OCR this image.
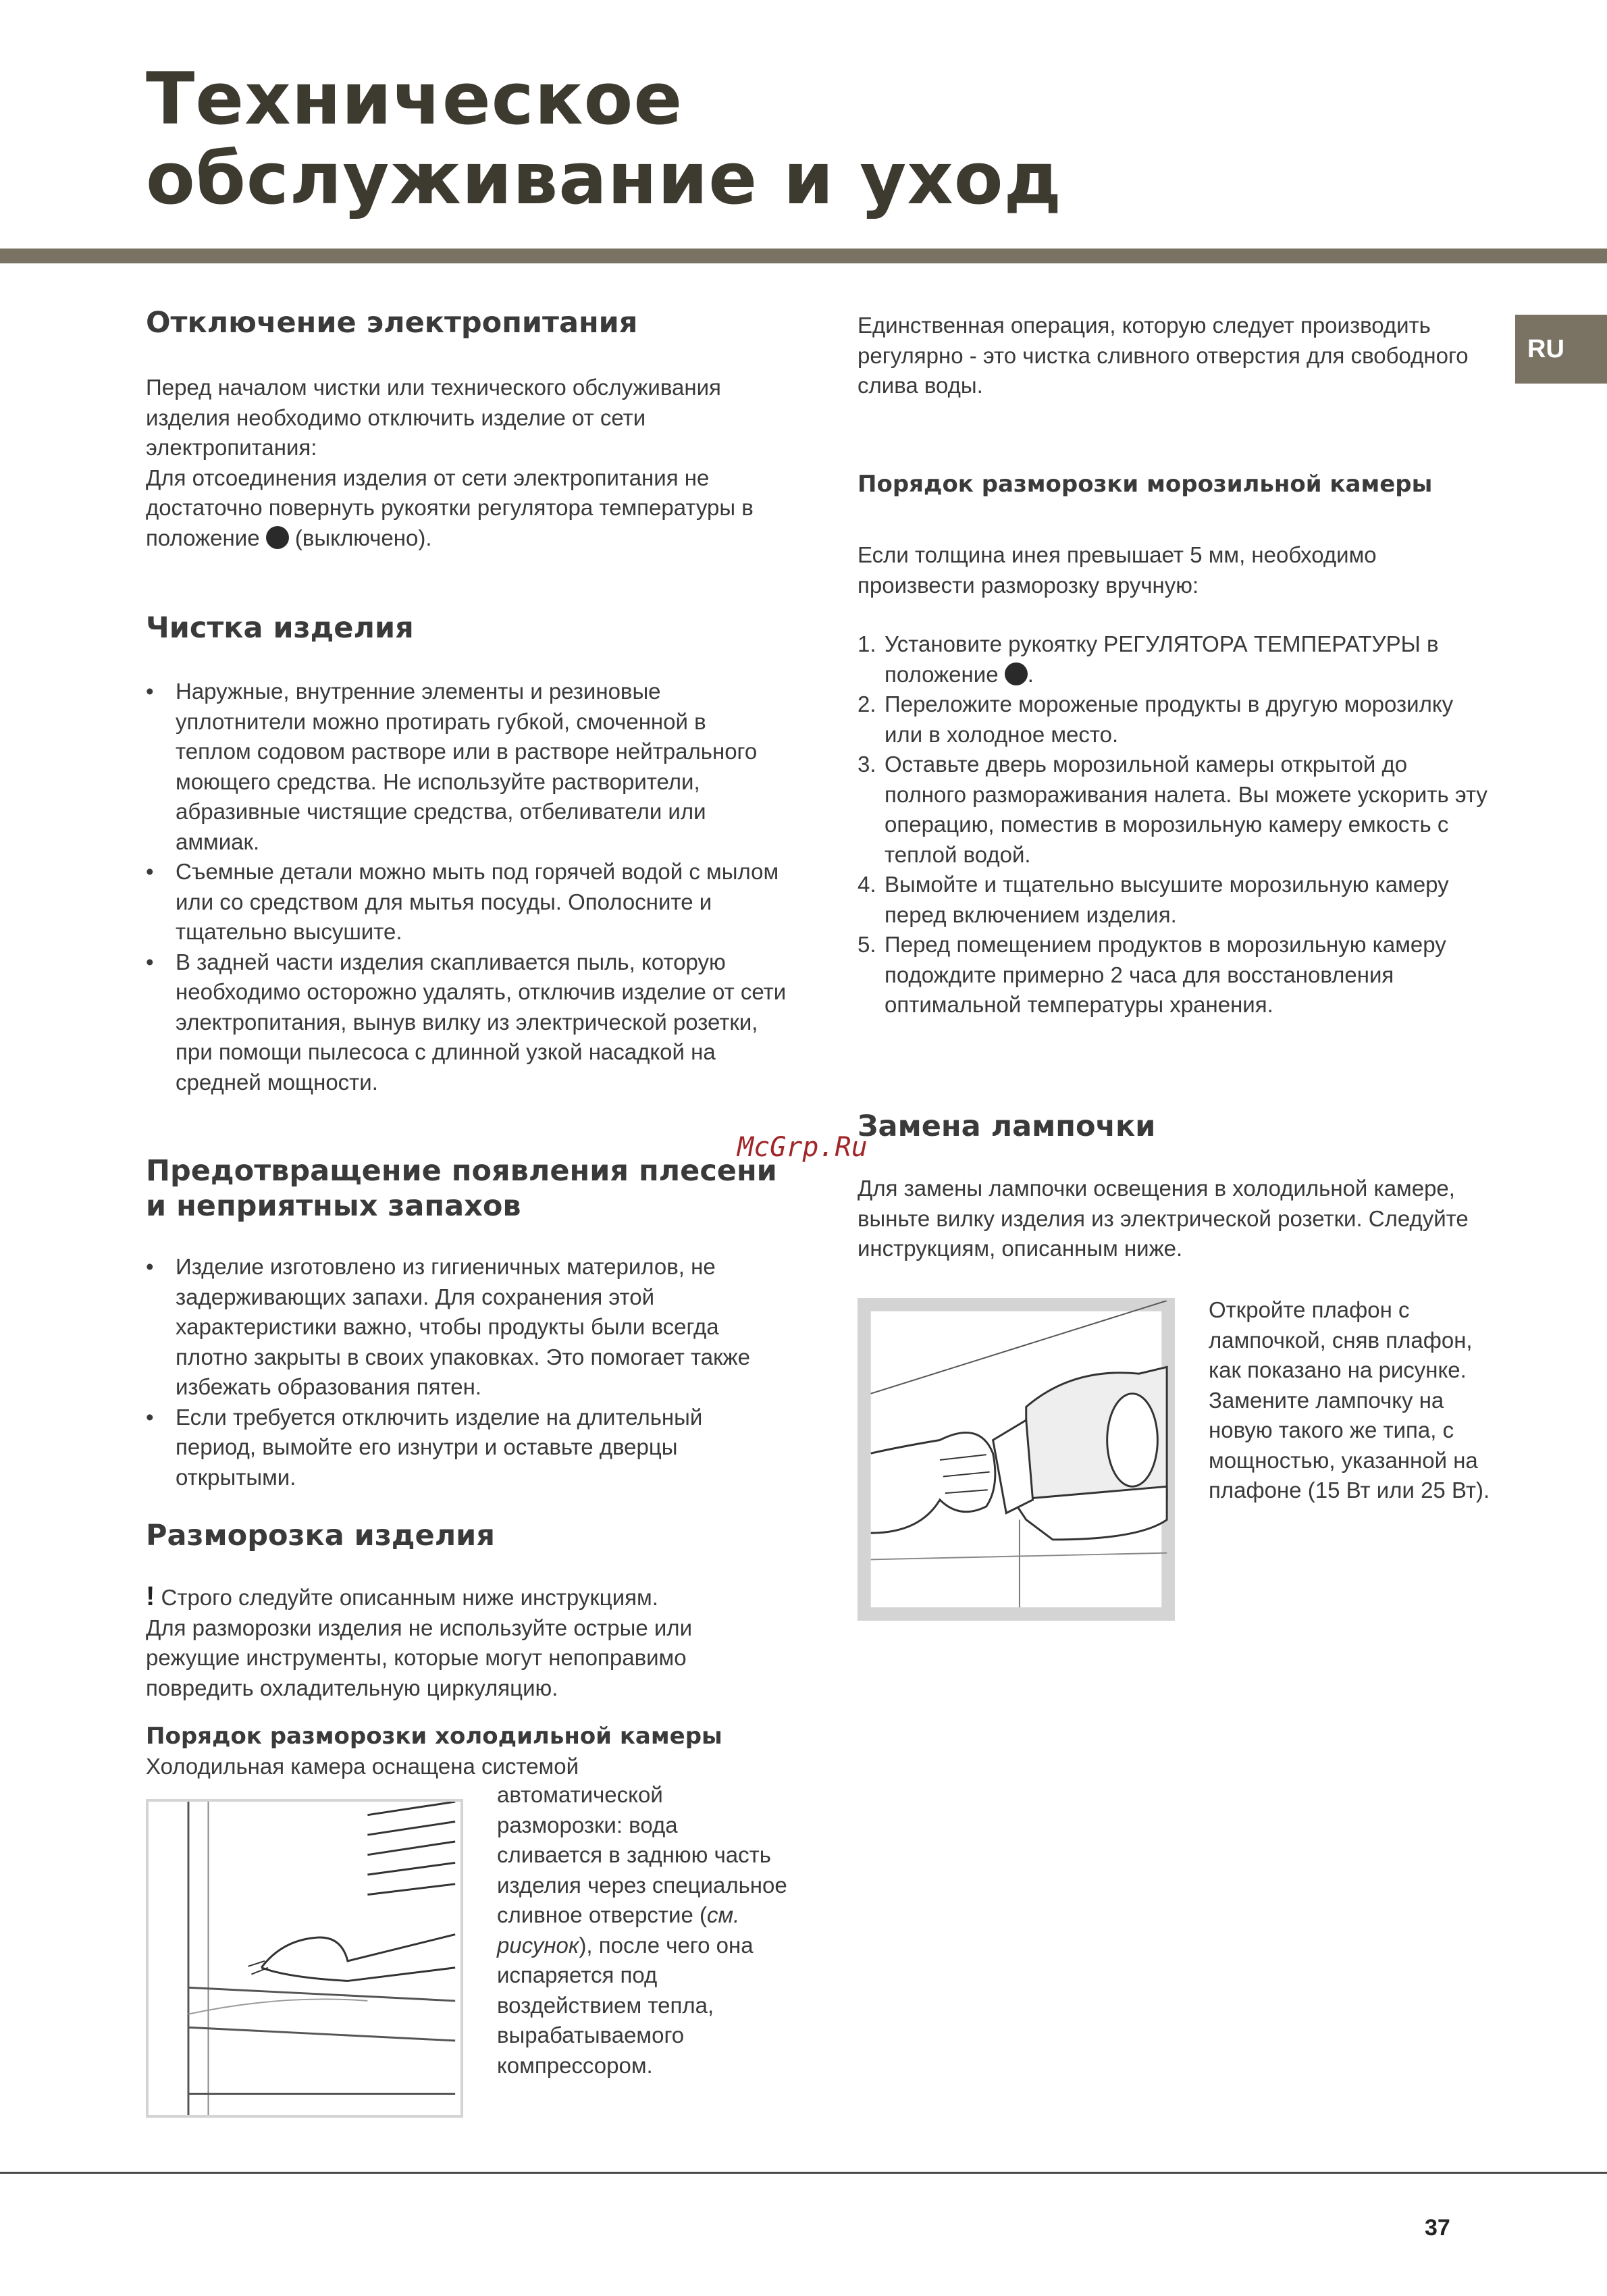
Техническое
обслуживание и уход
RU
Отключение электропитания

Перед началом чистки или технического обслуживания изделия необходимо отключить изделие от сети электропитания:

Для отсоединения изделия от сети электропитания не достаточно повернуть рукоятки регулятора температуры в положение (выключено).

Чистка изделия
• Наружные, внутренние элементы и резиновые уплотнители можно протирать губкой, смоченной в теплом содовом растворе или в растворе нейтрального моющего средства. Не используйте растворители, абразивные чистящие средства, отбеливатели или аммиак.
• Съемные детали можно мыть под горячей водой с мылом или со средством для мытья посуды. Ополосните и тщательно высушите.
• В задней части изделия скапливается пыль, которую необходимо осторожно удалять, отключив изделие от сети электропитания, вынув вилку из электрической розетки, при помощи пылесоса с длинной узкой насадкой на средней мощности.
Предотвращение появления плесени
и неприятных запахов
• Изделие изготовлено из гигиеничных материлов, не задерживающих запахи. Для сохранения этой характеристики важно, чтобы продукты были всегда плотно закрыты в своих упаковках. Это помогает также избежать образования пятен.
• Если требуется отключить изделие на длительный период, вымойте его изнутри и оставьте дверцы открытыми.
Разморозка изделия

! Строго следуйте описанным ниже инструкциям.

Для разморозки изделия не используйте острые или режущие инструменты, которые могут непоправимо повредить охладительную циркуляцию.

Порядок разморозки холодильной камеры

Холодильная камера оснащена системой

автоматической разморозки: вода сливается в заднюю часть изделия через специальное сливное отверстие (см. рисунок), после чего она испаряется под воздействием тепла, вырабатываемого компрессором.

Единственная операция, которую следует производить регулярно - это чистка сливного отверстия для свободного слива воды.

Порядок разморозки морозильной камеры

Если толщина инея превышает 5 мм, необходимо произвести разморозку вручную:

1. Установите рукоятку РЕГУЛЯТОРА ТЕМПЕРАТУРЫ в положение .
2. Переложите мороженые продукты в другую морозилку или в холодное место.
3. Оставьте дверь морозильной камеры открытой до полного размораживания налета. Вы можете ускорить эту операцию, поместив в морозильную камеру емкость с теплой водой.
4. Вымойте и тщательно высушите морозильную камеру перед включением изделия.
5. Перед помещением продуктов в морозильную камеру подождите примерно 2 часа для восстановления оптимальной температуры хранения.
McGrp.Ru
Замена лампочки

Для замены лампочки освещения в холодильной камере, выньте вилку изделия из электрической розетки. Следуйте инструкциям, описанным ниже.

Откройте плафон с лампочкой, сняв плафон, как показано на рисунке.

Замените лампочку на новую такого же типа, с мощностью, указанной на плафоне (15 Вт или 25 Вт).

37
